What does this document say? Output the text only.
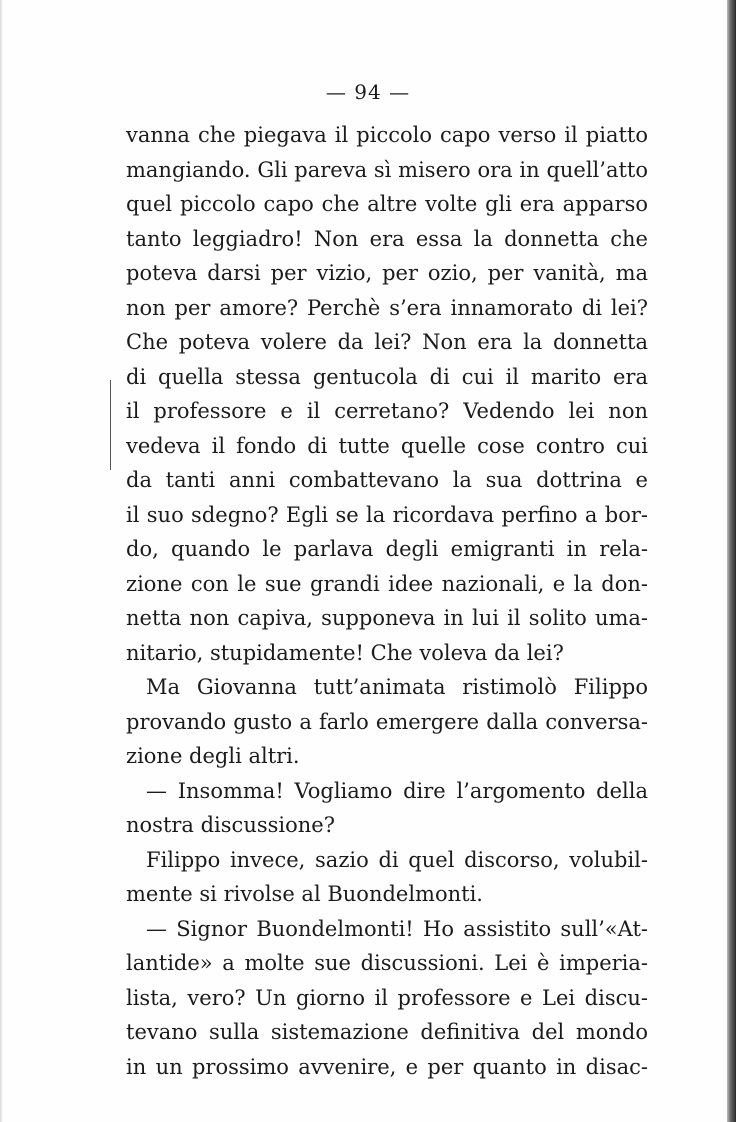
— 94 —
vanna che piegava il piccolo capo verso il piatto
mangiando. Gli pareva sì misero ora in quell’atto
quel piccolo capo che altre volte gli era apparso
tanto leggiadro! Non era essa la donnetta che
poteva darsi per vizio, per ozio, per vanità, ma
non per amore? Perchè s’era innamorato di lei?
Che poteva volere da lei? Non era la donnetta
di quella stessa gentucola di cui il marito era
il professore e il cerretano? Vedendo lei non
vedeva il fondo di tutte quelle cose contro cui
da tanti anni combattevano la sua dottrina e
il suo sdegno? Egli se la ricordava perfino a bor-
do, quando le parlava degli emigranti in rela-
zione con le sue grandi idee nazionali, e la don-
netta non capiva, supponeva in lui il solito uma-
nitario, stupidamente! Che voleva da lei?
Ma Giovanna tutt’animata ristimolò Filippo
provando gusto a farlo emergere dalla conversa-
zione degli altri.
— Insomma! Vogliamo dire l’argomento della
nostra discussione?
Filippo invece, sazio di quel discorso, volubil-
mente si rivolse al Buondelmonti.
— Signor Buondelmonti! Ho assistito sull’«At-
lantide» a molte sue discussioni. Lei è imperia-
lista, vero? Un giorno il professore e Lei discu-
tevano sulla sistemazione definitiva del mondo
in un prossimo avvenire, e per quanto in disac-
